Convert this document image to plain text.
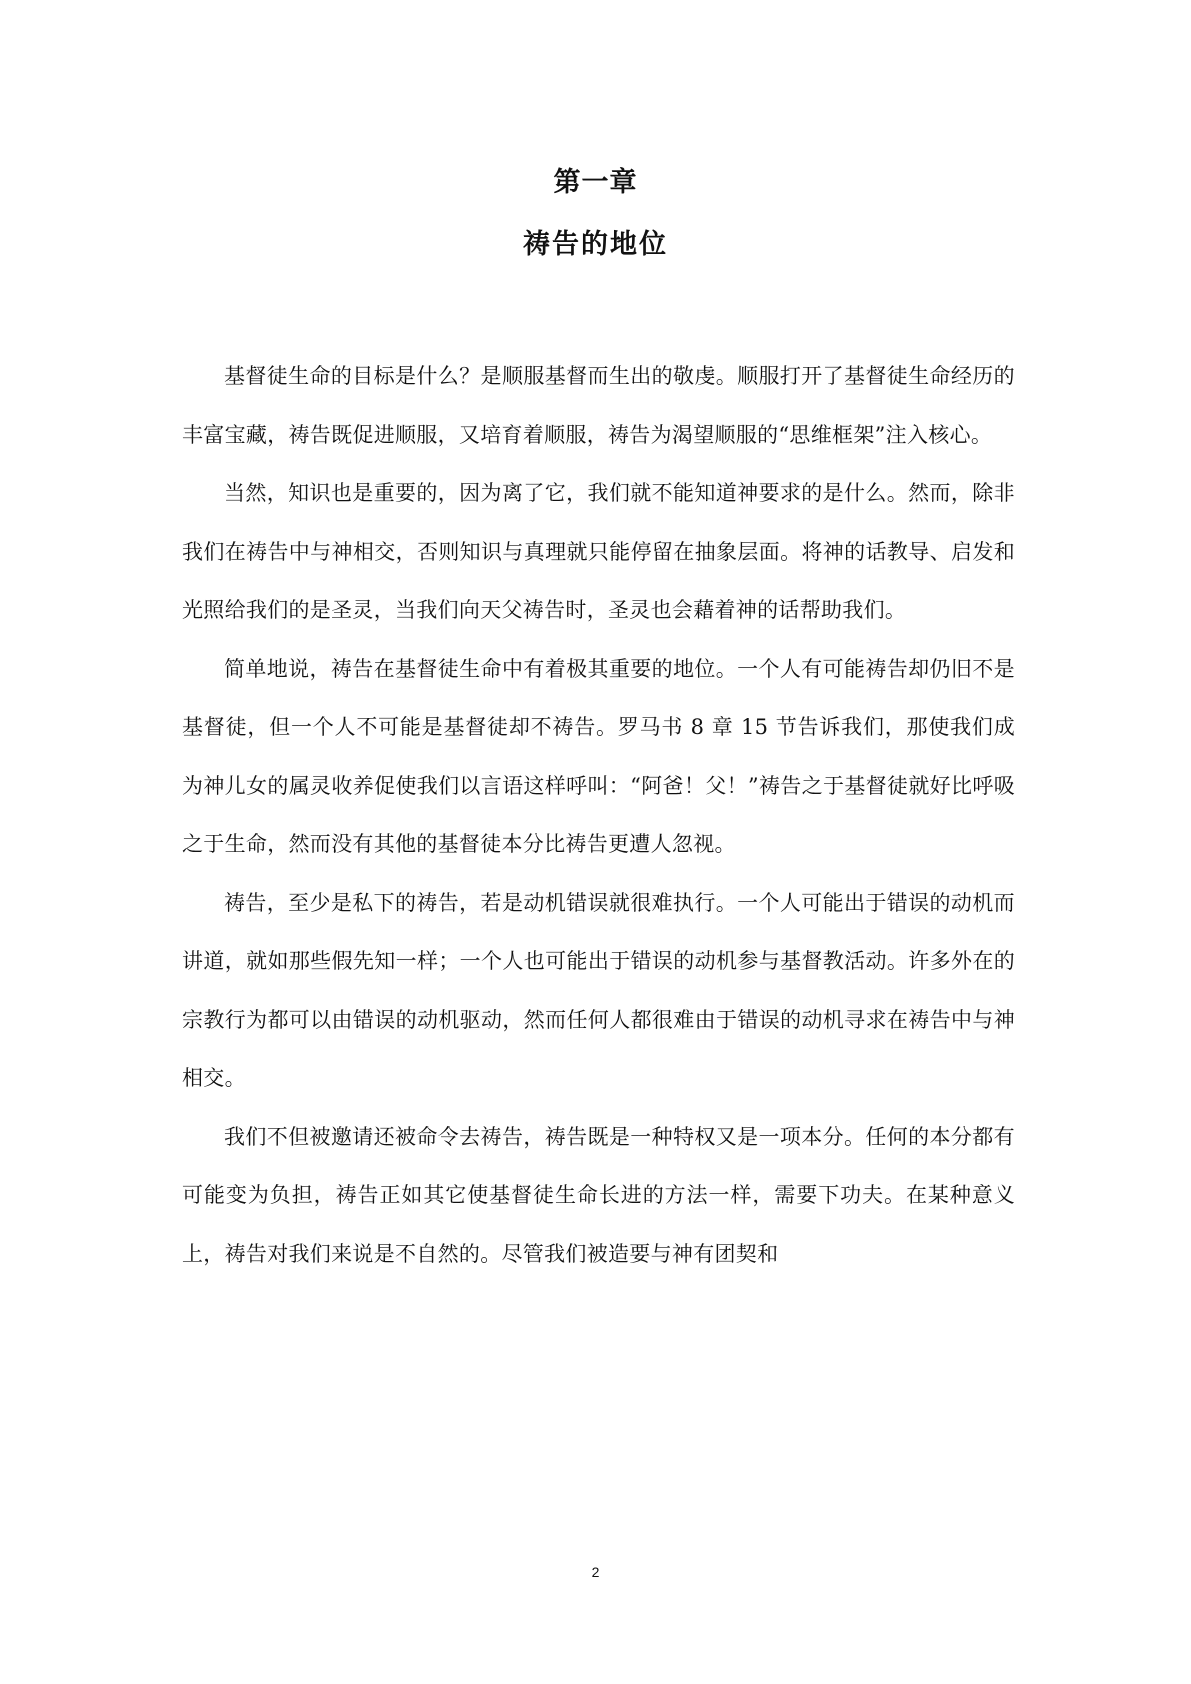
第一章
祷告的地位

基督徒生命的目标是什么？是顺服基督而生出的敬虔。顺服打开了基督徒生命经历的丰富宝藏，祷告既促进顺服，又培育着顺服，祷告为渴望顺服的“思维框架”注入核心。

当然，知识也是重要的，因为离了它，我们就不能知道神要求的是什么。然而，除非我们在祷告中与神相交，否则知识与真理就只能停留在抽象层面。将神的话教导、启发和光照给我们的是圣灵，当我们向天父祷告时，圣灵也会藉着神的话帮助我们。

简单地说，祷告在基督徒生命中有着极其重要的地位。一个人有可能祷告却仍旧不是基督徒，但一个人不可能是基督徒却不祷告。罗马书 8 章 15 节告诉我们，那使我们成为神儿女的属灵收养促使我们以言语这样呼叫：“阿爸！父！”祷告之于基督徒就好比呼吸之于生命，然而没有其他的基督徒本分比祷告更遭人忽视。

祷告，至少是私下的祷告，若是动机错误就很难执行。一个人可能出于错误的动机而讲道，就如那些假先知一样；一个人也可能出于错误的动机参与基督教活动。许多外在的宗教行为都可以由错误的动机驱动，然而任何人都很难由于错误的动机寻求在祷告中与神相交。

我们不但被邀请还被命令去祷告，祷告既是一种特权又是一项本分。任何的本分都有可能变为负担，祷告正如其它使基督徒生命长进的方法一样，需要下功夫。在某种意义上，祷告对我们来说是不自然的。尽管我们被造要与神有团契和

2
